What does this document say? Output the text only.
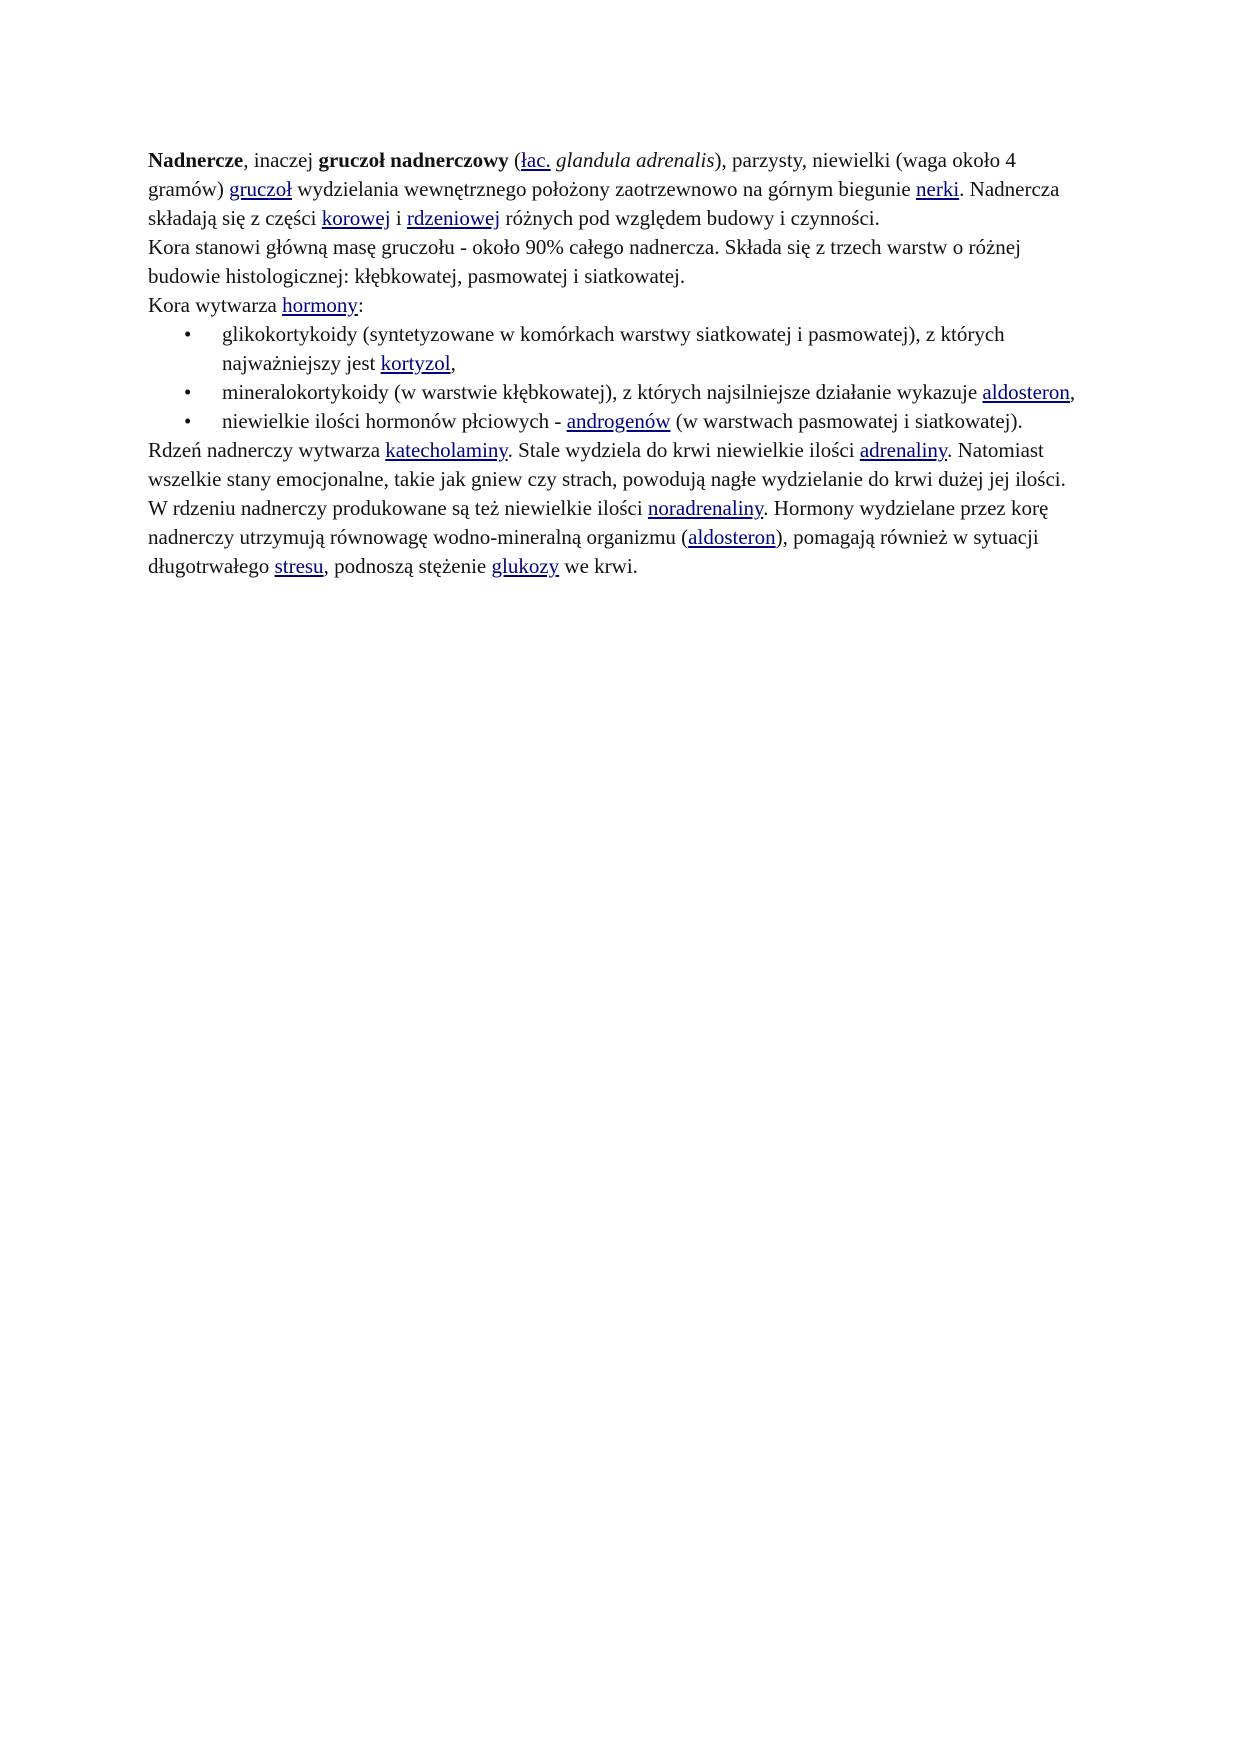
Nadnercze, inaczej gruczoł nadnerczowy (łac. glandula adrenalis), parzysty, niewielki (waga około 4 gramów) gruczoł wydzielania wewnętrznego położony zaotrzewnowo na górnym biegunie nerki. Nadnercza składają się z części korowej i rdzeniowej różnych pod względem budowy i czynności.

Kora stanowi główną masę gruczołu - około 90% całego nadnercza. Składa się z trzech warstw o różnej budowie histologicznej: kłębkowatej, pasmowatej i siatkowatej.

Kora wytwarza hormony:

• glikokortykoidy (syntetyzowane w komórkach warstwy siatkowatej i pasmowatej), z których najważniejszy jest kortyzol,
• mineralokortykoidy (w warstwie kłębkowatej), z których najsilniejsze działanie wykazuje aldosteron,
• niewielkie ilości hormonów płciowych - androgenów (w warstwach pasmowatej i siatkowatej).

Rdzeń nadnerczy wytwarza katecholaminy. Stale wydziela do krwi niewielkie ilości adrenaliny. Natomiast wszelkie stany emocjonalne, takie jak gniew czy strach, powodują nagłe wydzielanie do krwi dużej jej ilości. W rdzeniu nadnerczy produkowane są też niewielkie ilości noradrenaliny. Hormony wydzielane przez korę nadnerczy utrzymują równowagę wodno-mineralną organizmu (aldosteron), pomagają również w sytuacji długotrwałego stresu, podnoszą stężenie glukozy we krwi.
